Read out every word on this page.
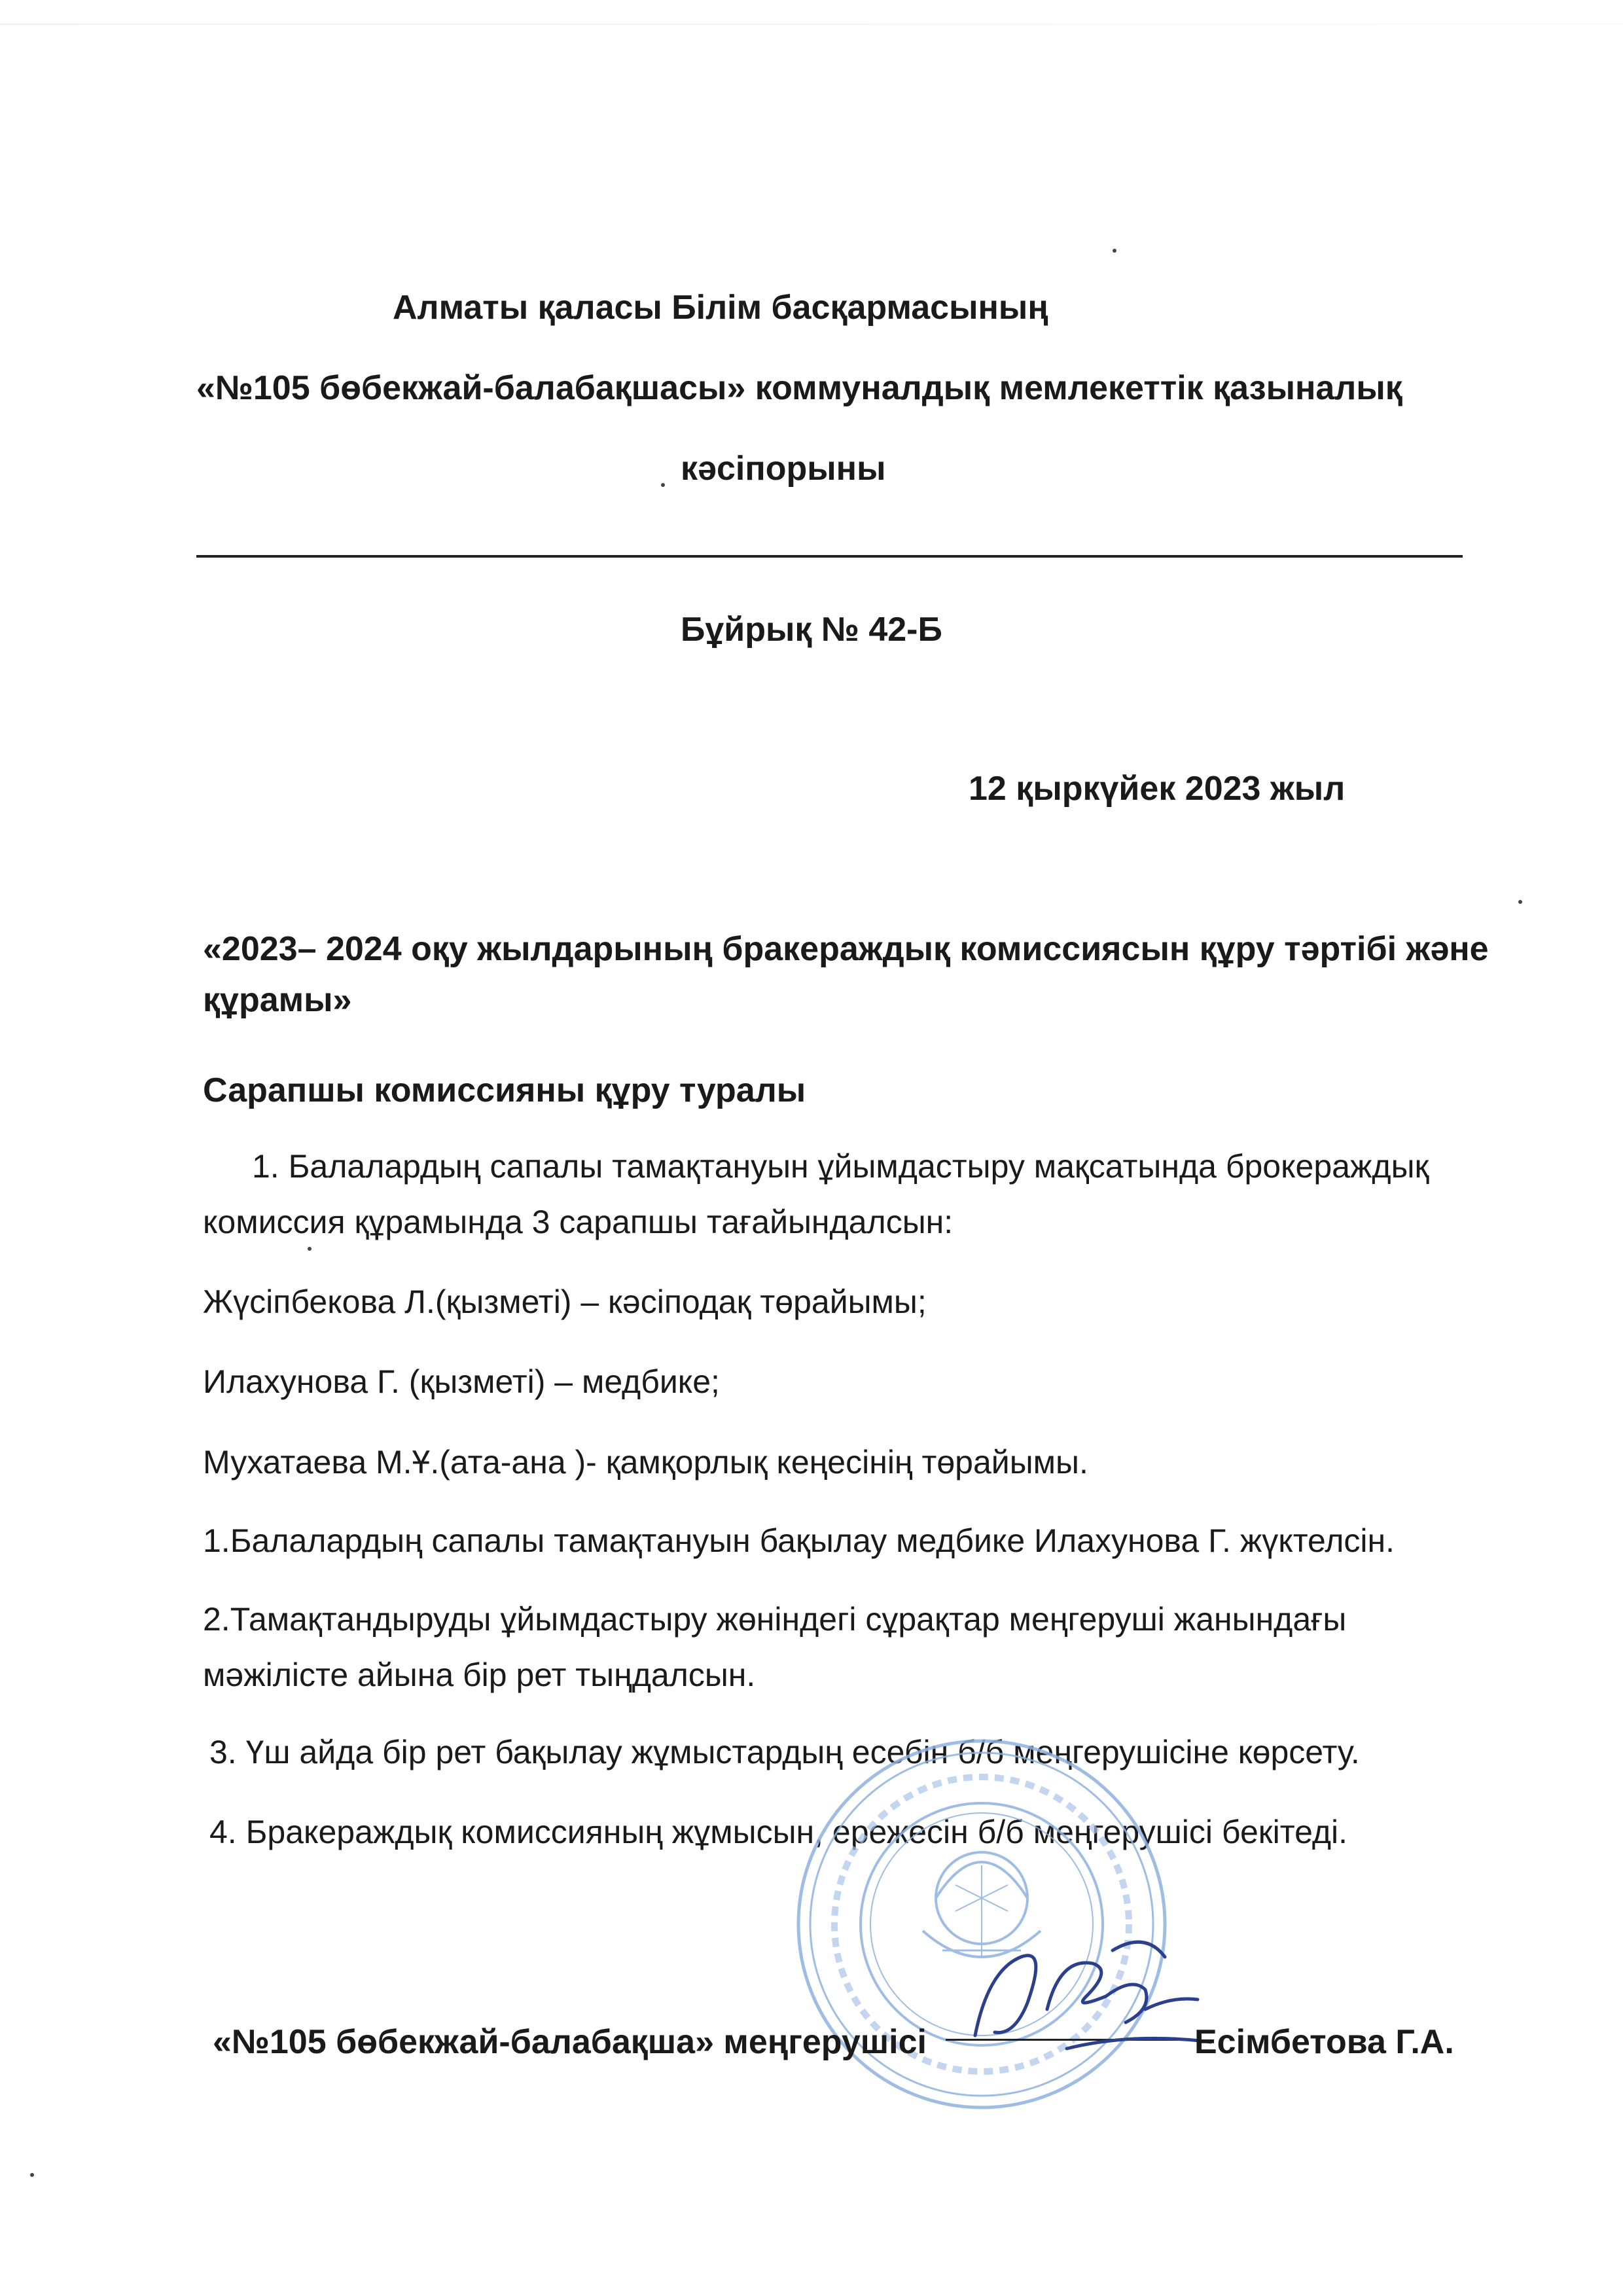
Алматы қаласы Білім басқармасының
«№105 бөбекжай-балабақшасы» коммуналдық мемлекеттік қазыналық
кәсіпорыны
Бұйрық № 42-Б
12 қыркүйек 2023 жыл
«2023– 2024 оқу жылдарының бракераждық комиссиясын құру тәртібі және
құрамы»
Сарапшы комиссияны құру туралы
1. Балалардың сапалы тамақтануын ұйымдастыру мақсатында брокераждық
комиссия құрамында 3 сарапшы тағайындалсын:
Жүсіпбекова Л.(қызметі) – кәсіподақ төрайымы;
Илахунова Г. (қызметі) – медбике;
Мухатаева М.Ұ.(ата-ана )- қамқорлық кеңесінің төрайымы.
1.Балалардың сапалы тамақтануын бақылау медбике Илахунова Г. жүктелсін.
2.Тамақтандыруды ұйымдастыру жөніндегі сұрақтар меңгеруші жанындағы
мәжілісте айына бір рет тыңдалсын.
3. Үш айда бір рет бақылау жұмыстардың есебін б/б меңгерушісіне көрсету.
4. Бракераждық комиссияның жұмысын, ережесін б/б меңгерушісі бекітеді.
«№105 бөбекжай-балабақша» меңгерушісі	Есімбетова Г.А.
